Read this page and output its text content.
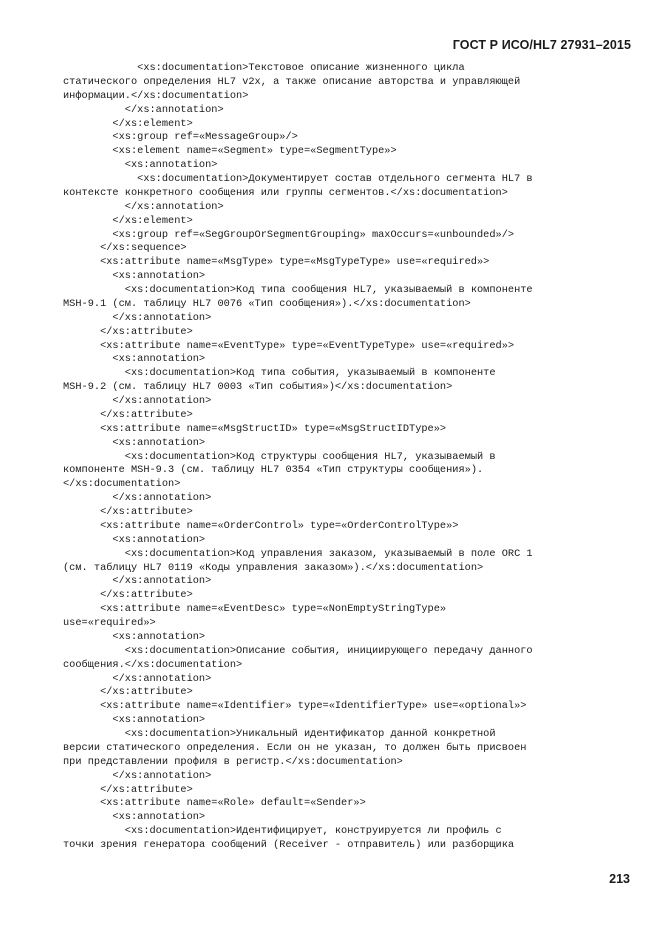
ГОСТ Р ИСО/HL7 27931–2015
<xs:documentation>Текстовое описание жизненного цикла
статического определения HL7 v2x, а также описание авторства и управляющей
информации.</xs:documentation>
</xs:annotation>
</xs:element>
<xs:group ref=«MessageGroup»/>
<xs:element name=«Segment» type=«SegmentType»>
<xs:annotation>
<xs:documentation>Документирует состав отдельного сегмента HL7 в
контексте конкретного сообщения или группы сегментов.</xs:documentation>
</xs:annotation>
</xs:element>
<xs:group ref=«SegGroupOrSegmentGrouping» maxOccurs=«unbounded»/>
</xs:sequence>
<xs:attribute name=«MsgType» type=«MsgTypeType» use=«required»>
<xs:annotation>
<xs:documentation>Код типа сообщения HL7, указываемый в компоненте
MSH-9.1 (см. таблицу HL7 0076 «Тип сообщения»).</xs:documentation>
</xs:annotation>
</xs:attribute>
<xs:attribute name=«EventType» type=«EventTypeType» use=«required»>
<xs:annotation>
<xs:documentation>Код типа события, указываемый в компоненте
MSH-9.2 (см. таблицу HL7 0003 «Тип события»)</xs:documentation>
</xs:annotation>
</xs:attribute>
<xs:attribute name=«MsgStructID» type=«MsgStructIDType»>
<xs:annotation>
<xs:documentation>Код структуры сообщения HL7, указываемый в
компоненте MSH-9.3 (см. таблицу HL7 0354 «Тип структуры сообщения»).
</xs:documentation>
</xs:annotation>
</xs:attribute>
<xs:attribute name=«OrderControl» type=«OrderControlType»>
<xs:annotation>
<xs:documentation>Код управления заказом, указываемый в поле ORC 1
(см. таблицу HL7 0119 «Коды управления заказом»).</xs:documentation>
</xs:annotation>
</xs:attribute>
<xs:attribute name=«EventDesc» type=«NonEmptyStringType»
use=«required»>
<xs:annotation>
<xs:documentation>Описание события, инициирующего передачу данного
сообщения.</xs:documentation>
</xs:annotation>
</xs:attribute>
<xs:attribute name=«Identifier» type=«IdentifierType» use=«optional»>
<xs:annotation>
<xs:documentation>Уникальный идентификатор данной конкретной
версии статического определения. Если он не указан, то должен быть присвоен
при представлении профиля в регистр.</xs:documentation>
</xs:annotation>
</xs:attribute>
<xs:attribute name=«Role» default=«Sender»>
<xs:annotation>
<xs:documentation>Идентифицирует, конструируется ли профиль с
точки зрения генератора сообщений (Receiver - отправитель) или разборщика
213
